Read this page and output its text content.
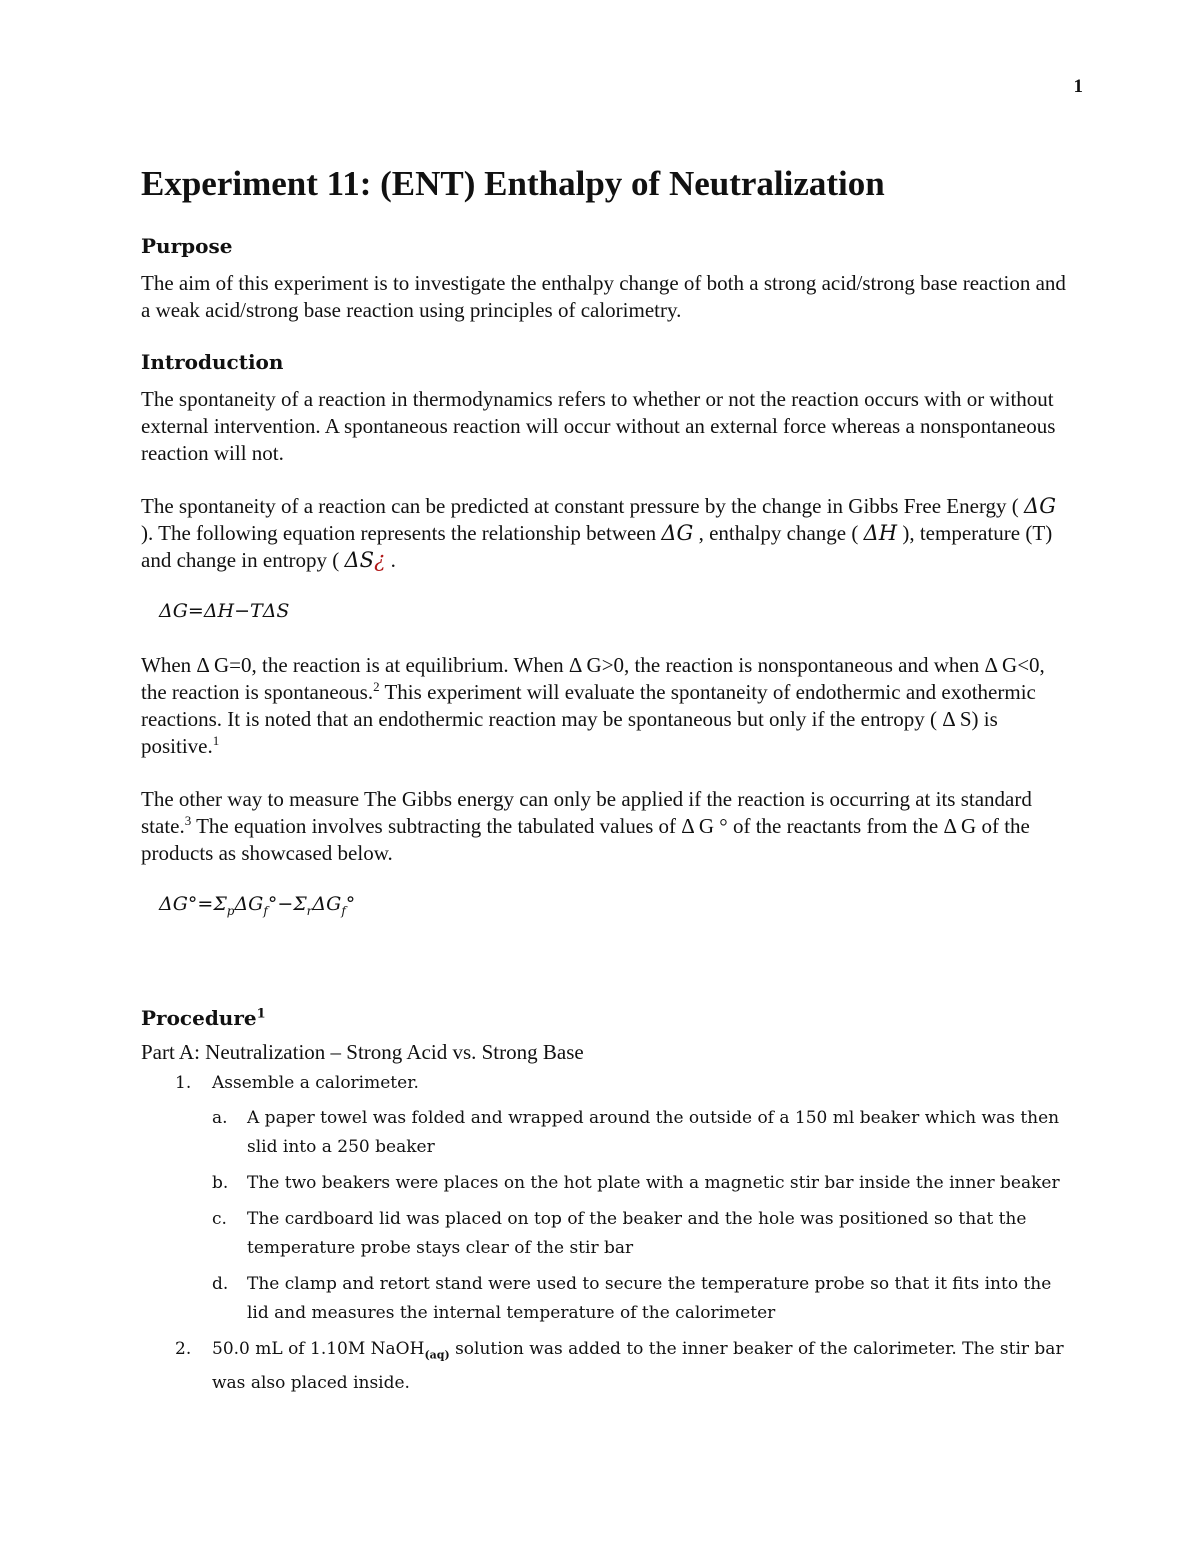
1
Experiment 11: (ENT) Enthalpy of Neutralization
Purpose

The aim of this experiment is to investigate the enthalpy change of both a strong acid/strong base reaction and a weak acid/strong base reaction using principles of calorimetry.

Introduction

The spontaneity of a reaction in thermodynamics refers to whether or not the reaction occurs with or without external intervention. A spontaneous reaction will occur without an external force whereas a nonspontaneous reaction will not.

The spontaneity of a reaction can be predicted at constant pressure by the change in Gibbs Free Energy ( ΔG ). The following equation represents the relationship between ΔG , enthalpy change ( ΔH ), temperature (T) and change in entropy ( ΔS¿ .

ΔG=ΔH−TΔS

When Δ G=0, the reaction is at equilibrium. When Δ G>0, the reaction is nonspontaneous and when Δ G<0, the reaction is spontaneous.$^2$ This experiment will evaluate the spontaneity of endothermic and exothermic reactions. It is noted that an endothermic reaction may be spontaneous but only if the entropy ( Δ S) is positive.$^1$

The other way to measure The Gibbs energy can only be applied if the reaction is occurring at its standard state.$^3$ The equation involves subtracting the tabulated values of Δ G ° of the reactants from the Δ G of the products as showcased below.

$\Delta G^\circ=\Sigma_p\Delta G_f^\circ-\Sigma_r\Delta G_f^\circ$
Procedure$^1$
Part A: Neutralization – Strong Acid vs. Strong Base
1. Assemble a calorimeter.
a. A paper towel was folded and wrapped around the outside of a 150 ml beaker which was then slid into a 250 beaker
b. The two beakers were places on the hot plate with a magnetic stir bar inside the inner beaker
c. The cardboard lid was placed on top of the beaker and the hole was positioned so that the temperature probe stays clear of the stir bar
d. The clamp and retort stand were used to secure the temperature probe so that it fits into the lid and measures the internal temperature of the calorimeter
2. 50.0 mL of 1.10M NaOH$_{(aq)}$ solution was added to the inner beaker of the calorimeter. The stir bar was also placed inside.
